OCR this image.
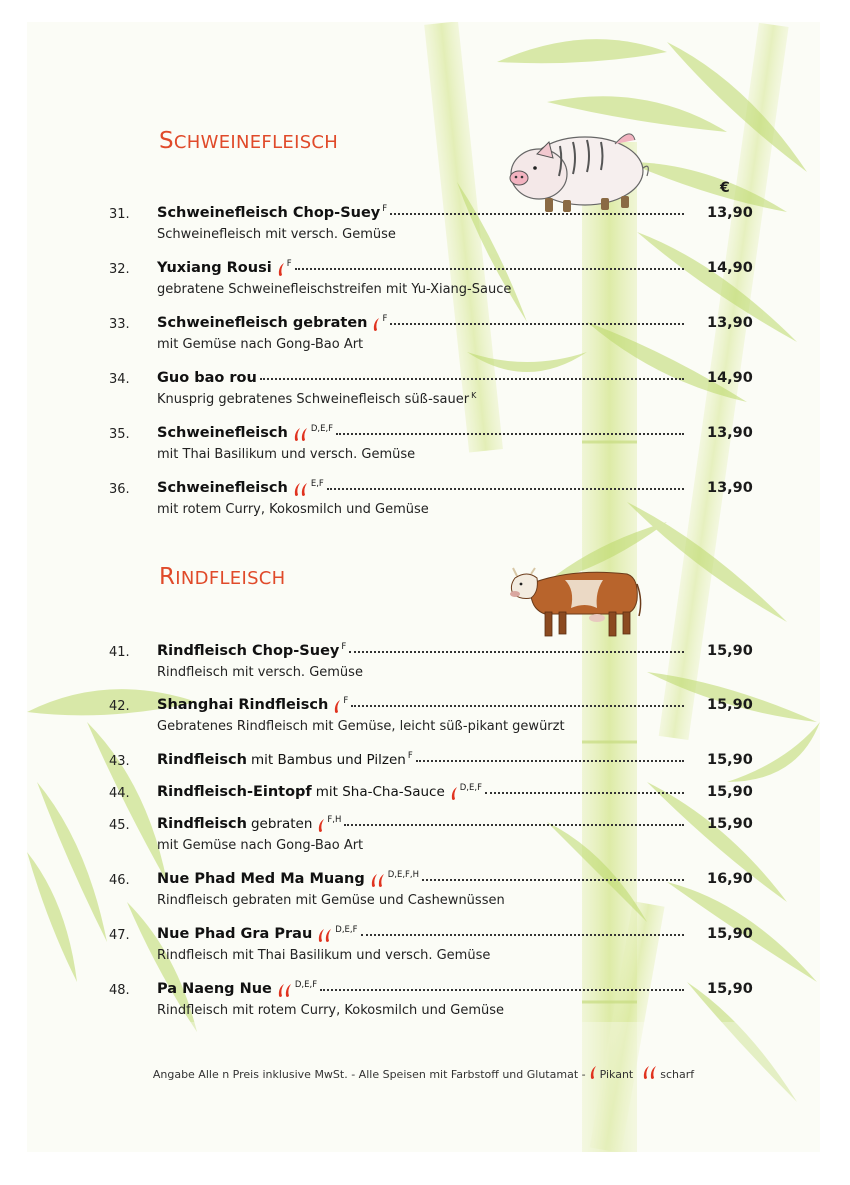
SCHWEINEFLEISCH
€
31.	Schweinefleisch Chop-Suey F	13,90
Schweinefleisch mit versch. Gemüse
32.	Yuxiang Rousi F	14,90
gebratene Schweinefleischstreifen mit Yu-Xiang-Sauce
33.	Schweinefleisch gebraten F	13,90
mit Gemüse nach Gong-Bao Art
34.	Guo bao rou	14,90
Knusprig gebratenes Schweinefleisch süß-sauer $^K$
35.	Schweinefleisch	D,E,F	13,90
mit Thai Basilikum und versch. Gemüse
36.	Schweinefleisch	E,F	13,90
mit rotem Curry, Kokosmilch und Gemüse
RINDFLEISCH
41.	Rindfleisch Chop-Suey F	15,90
Rindfleisch mit versch. Gemüse
42.	Shanghai Rindfleisch F	15,90
Gebratenes Rindfleisch mit Gemüse, leicht süß-pikant gewürzt
43.	Rindfleisch mit Bambus und Pilzen F	15,90
44.	Rindfleisch-Eintopf mit Sha-Cha-Sauce D,E,F	15,90
45.	Rindfleisch gebraten F,H	15,90
mit Gemüse nach Gong-Bao Art
46.	Nue Phad Med Ma Muang	D,E,F,H	16,90
Rindfleisch gebraten mit Gemüse und Cashewnüssen
47.	Nue Phad Gra Prau	D,E,F	15,90
Rindfleisch mit Thai Basilikum und versch. Gemüse
48.	Pa Naeng Nue	D,E,F	15,90
Rindfleisch mit rotem Curry, Kokosmilch und Gemüse
Angabe Alle n Preis inklusive MwSt. - Alle Speisen mit Farbstoff und Glutamat - Pikant scharf
